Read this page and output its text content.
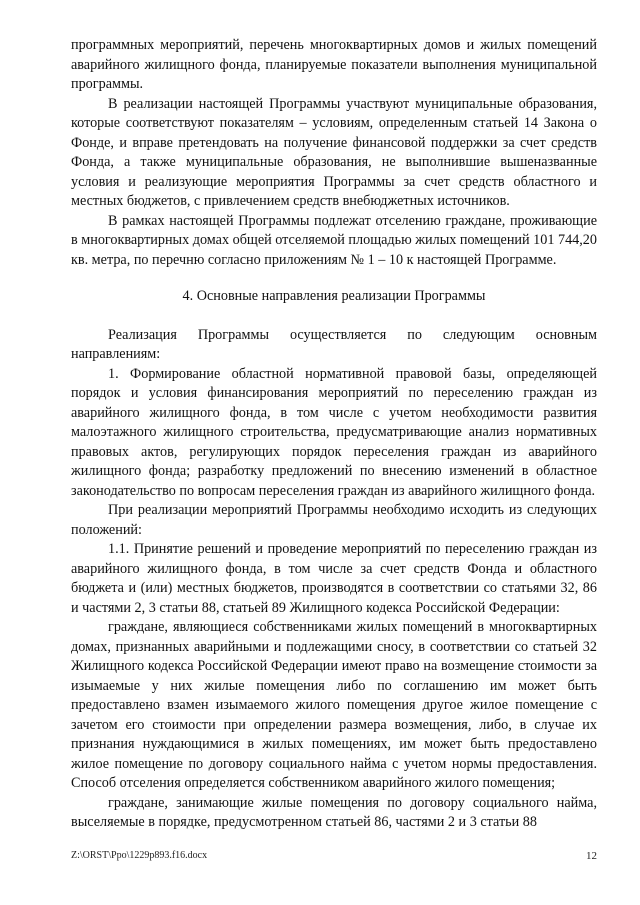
программных мероприятий, перечень многоквартирных домов и жилых помещений аварийного жилищного фонда, планируемые показатели выполнения муниципальной программы.

В реализации настоящей Программы участвуют муниципальные образования, которые соответствуют показателям – условиям, определенным статьей 14 Закона о Фонде, и вправе претендовать на получение финансовой поддержки за счет средств Фонда, а также муниципальные образования, не выполнившие вышеназванные условия и реализующие мероприятия Программы за счет средств областного и местных бюджетов, с привлечением средств внебюджетных источников.

В рамках настоящей Программы подлежат отселению граждане, проживающие в многоквартирных домах общей отселяемой площадью жилых помещений 101 744,20 кв. метра, по перечню согласно приложениям № 1 – 10 к настоящей Программе.

4. Основные направления реализации Программы

Реализация Программы осуществляется по следующим основным направлениям:

1. Формирование областной нормативной правовой базы, определяющей порядок и условия финансирования мероприятий по переселению граждан из аварийного жилищного фонда, в том числе с учетом необходимости развития малоэтажного жилищного строительства, предусматривающие анализ нормативных правовых актов, регулирующих порядок переселения граждан из аварийного жилищного фонда; разработку предложений по внесению изменений в областное законодательство по вопросам переселения граждан из аварийного жилищного фонда.

При реализации мероприятий Программы необходимо исходить из следующих положений:

1.1. Принятие решений и проведение мероприятий по переселению граждан из аварийного жилищного фонда, в том числе за счет средств Фонда и областного бюджета и (или) местных бюджетов, производятся в соответствии со статьями 32, 86 и частями 2, 3 статьи 88, статьей 89 Жилищного кодекса Российской Федерации:

граждане, являющиеся собственниками жилых помещений в многоквартирных домах, признанных аварийными и подлежащими сносу, в соответствии со статьей 32 Жилищного кодекса Российской Федерации имеют право на возмещение стоимости за изымаемые у них жилые помещения либо по соглашению им может быть предоставлено взамен изымаемого жилого помещения другое жилое помещение с зачетом его стоимости при определении размера возмещения, либо, в случае их признания нуждающимися в жилых помещениях, им может быть предоставлено жилое помещение по договору социального найма с учетом нормы предоставления. Способ отселения определяется собственником аварийного жилого помещения;

граждане, занимающие жилые помещения по договору социального найма, выселяемые в порядке, предусмотренном статьей 86, частями 2 и 3 статьи 88

Z:\ORST\Ppo\1229p893.f16.docx	12
